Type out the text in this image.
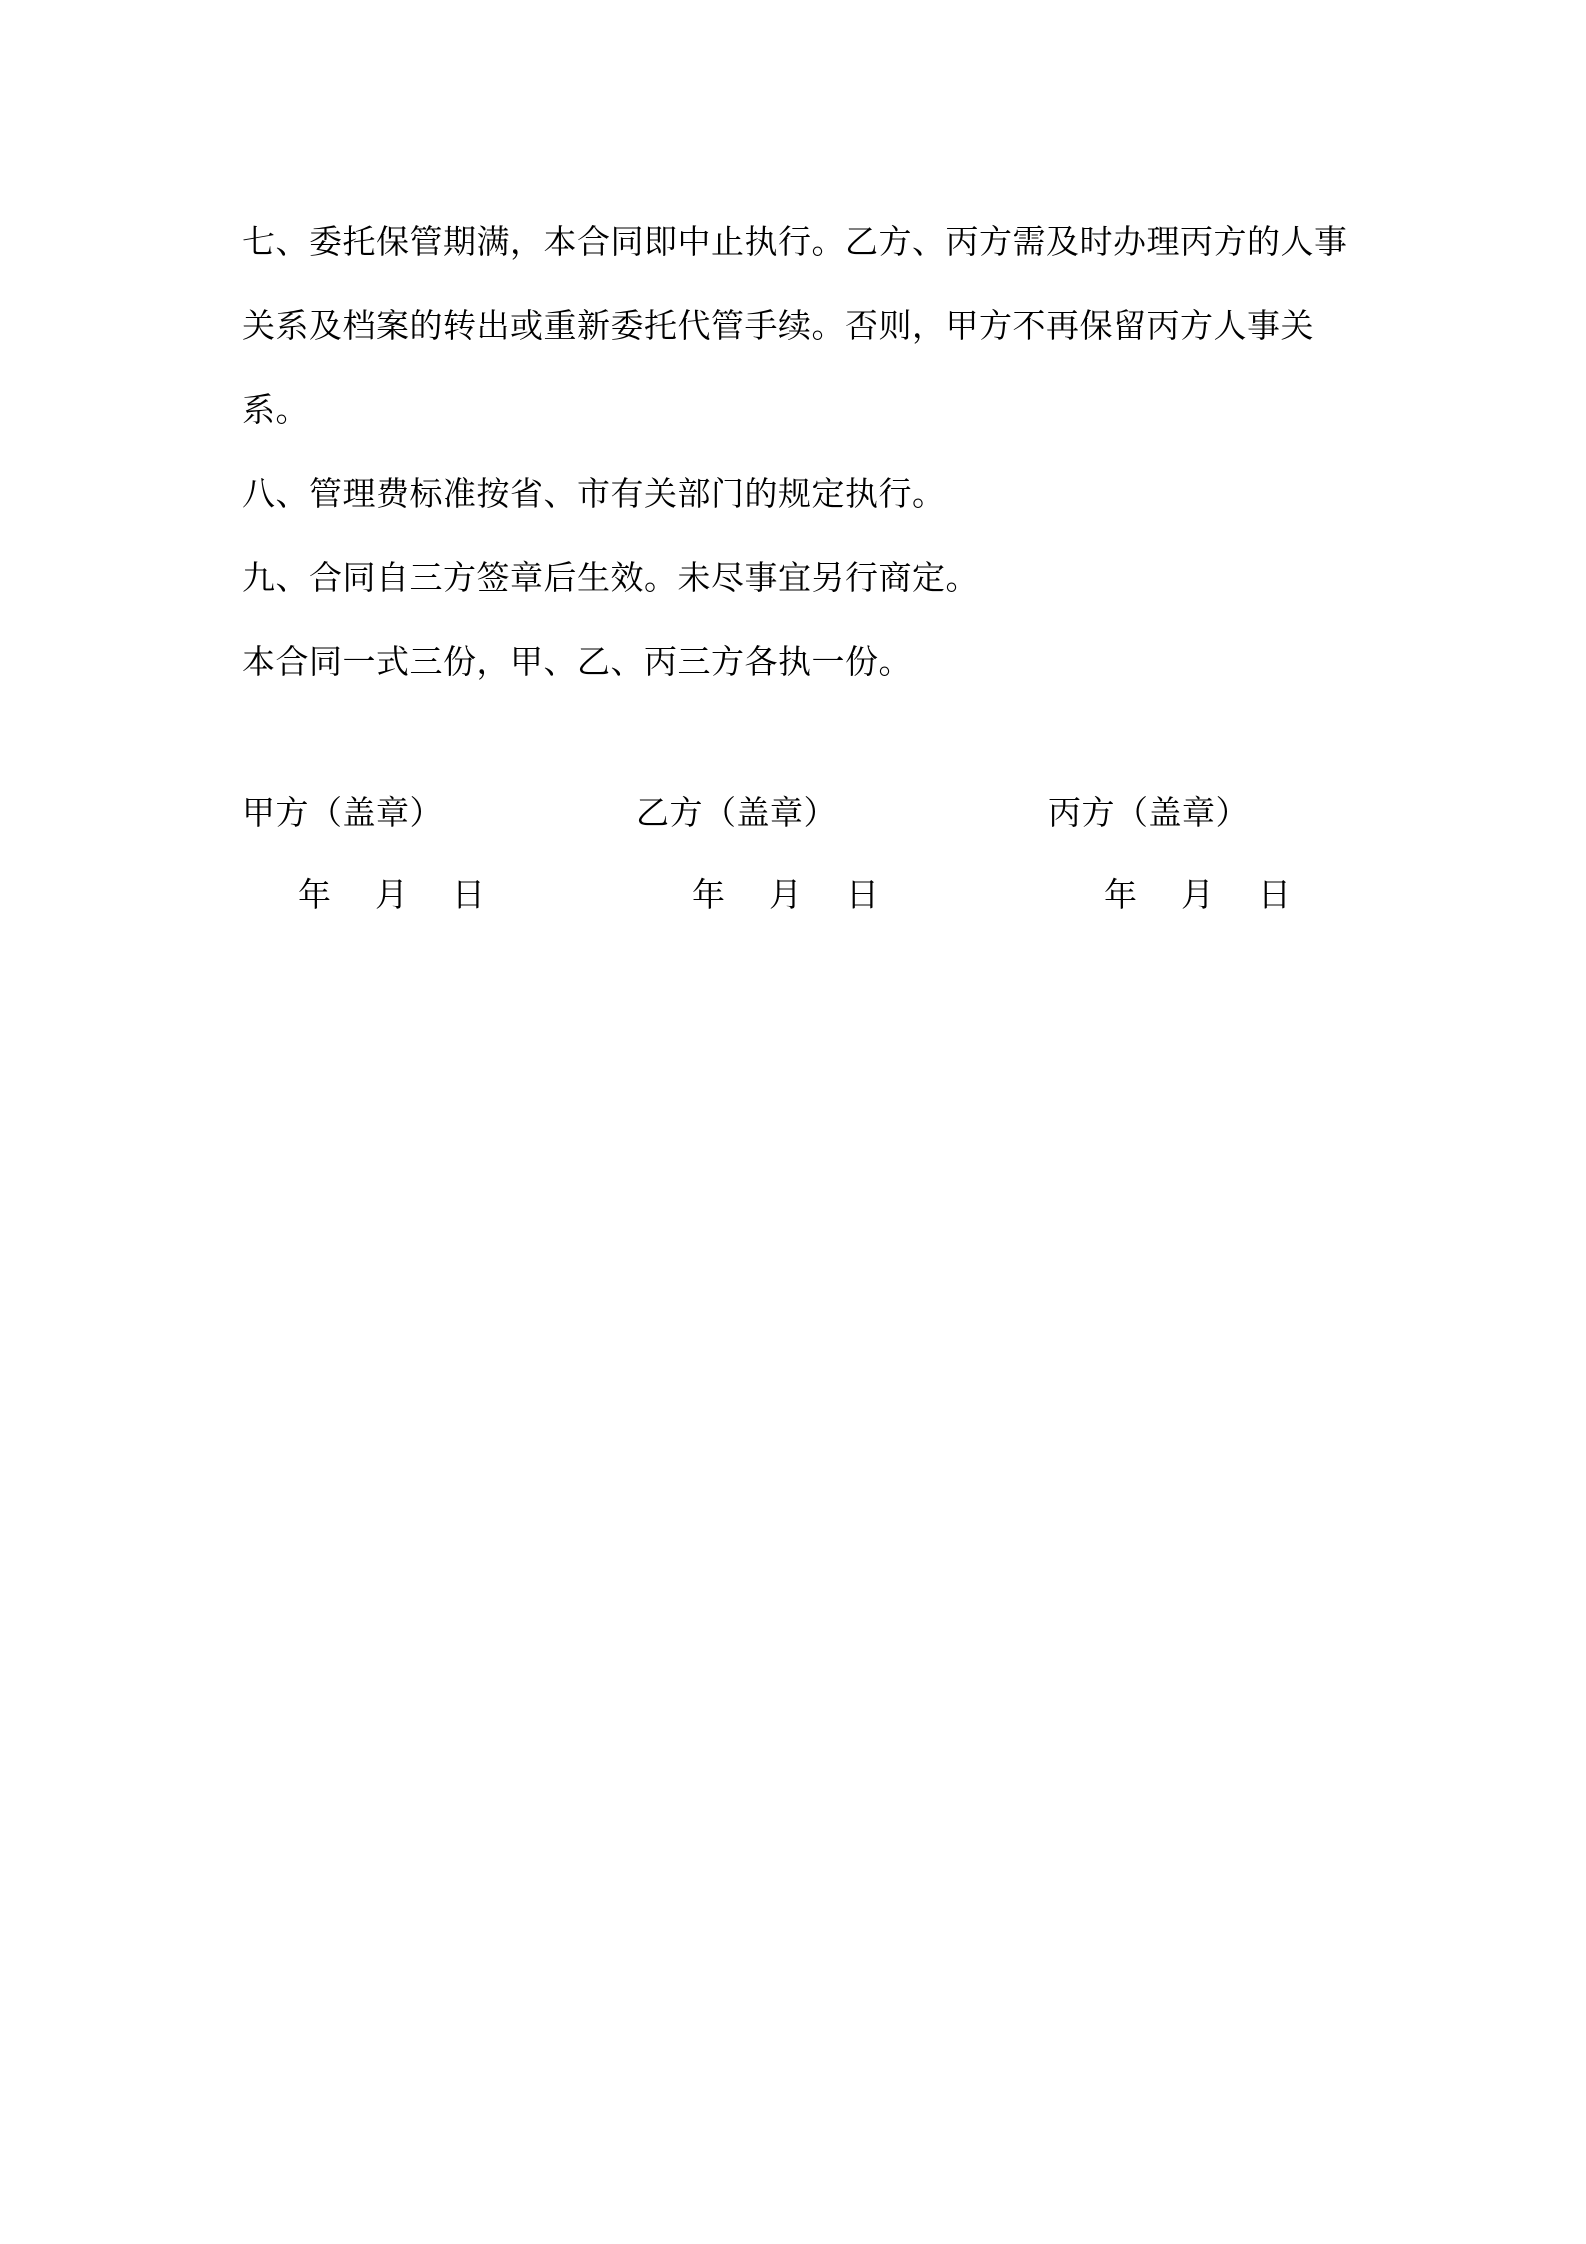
七、委托保管期满，本合同即中止执行。乙方、丙方需及时办理丙方的人事关系及档案的转出或重新委托代管手续。否则，甲方不再保留丙方人事关系。

八、管理费标准按省、市有关部门的规定执行。

九、合同自三方签章后生效。未尽事宜另行商定。

本合同一式三份，甲、乙、丙三方各执一份。

甲方（盖章）
年 月 日
乙方（盖章）
年 月 日
丙方（盖章）
年 月 日
